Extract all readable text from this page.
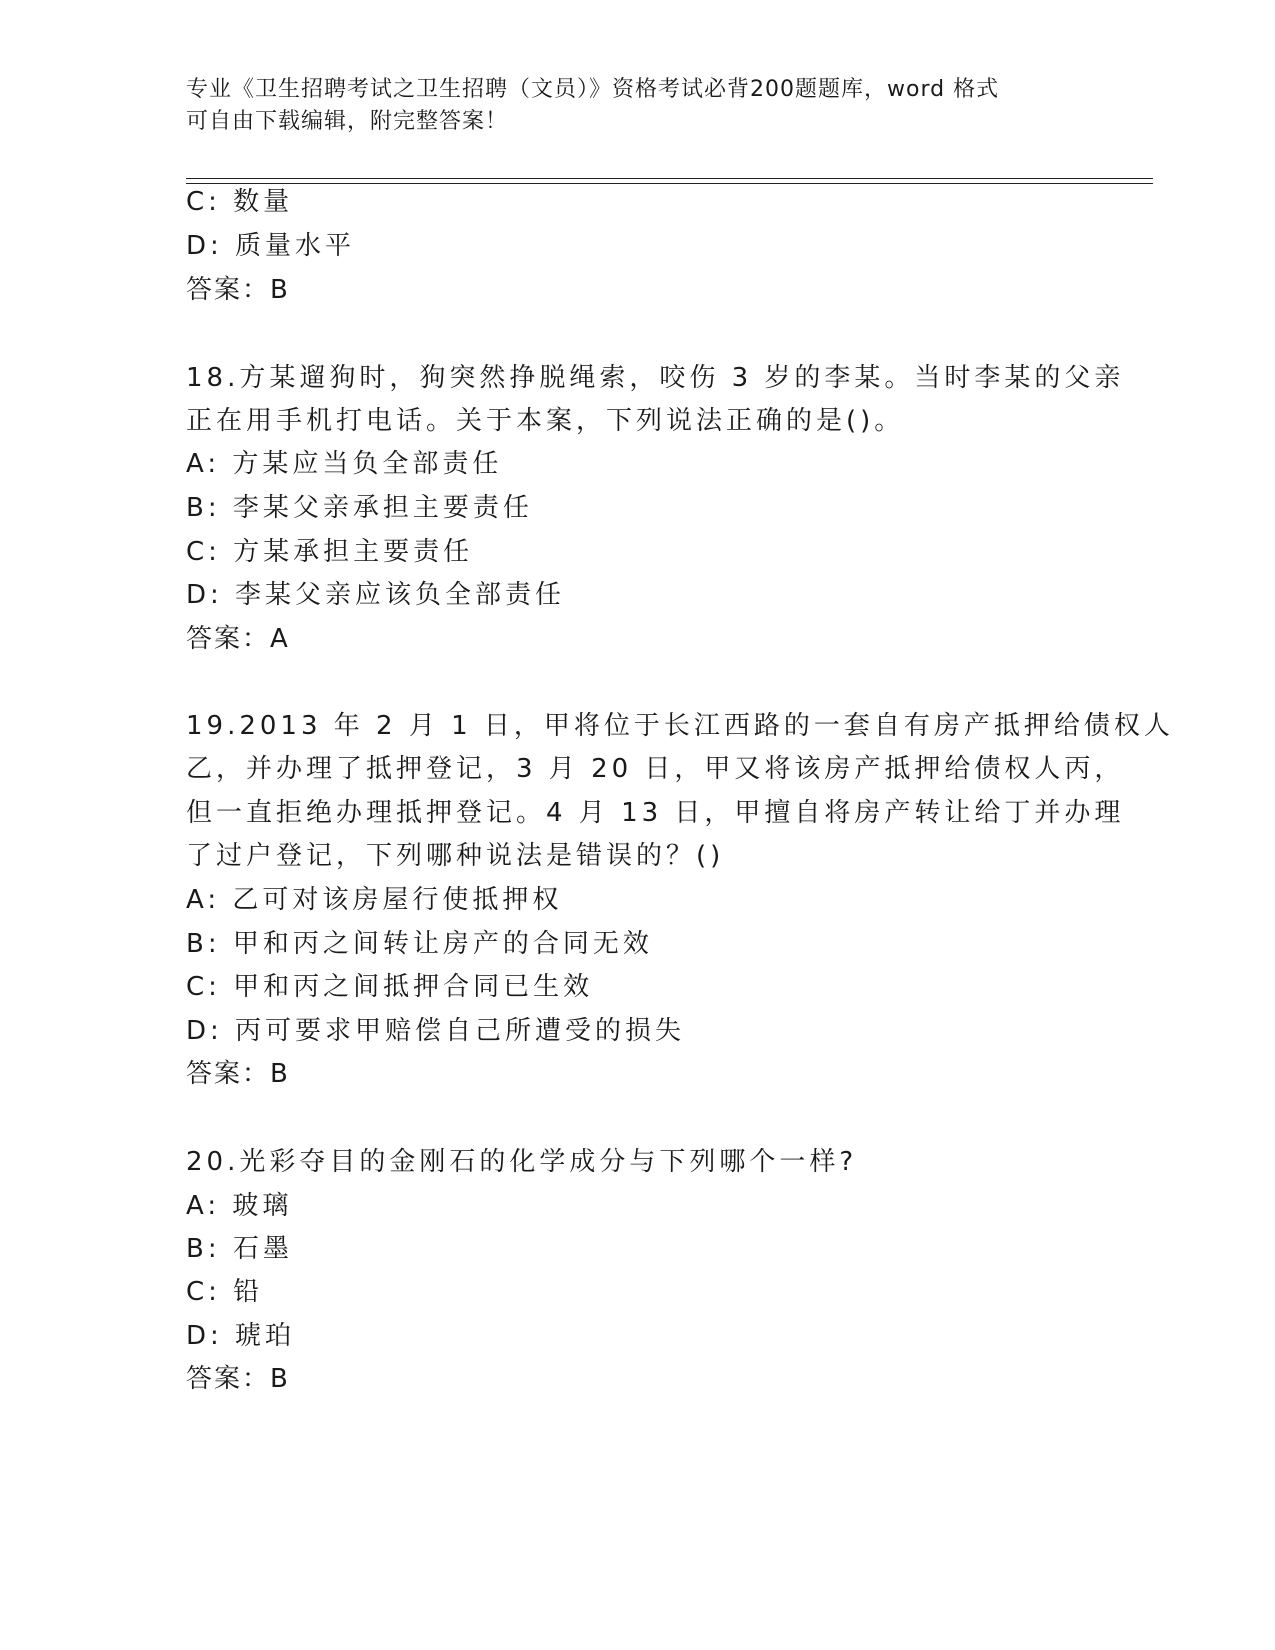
专业《卫生招聘考试之卫生招聘（文员）》资格考试必背200题题库，word 格式
可自由下载编辑，附完整答案！
C: 数量
D: 质量水平
答案：B
18.方某遛狗时，狗突然挣脱绳索，咬伤 3 岁的李某。当时李某的父亲
正在用手机打电话。关于本案，下列说法正确的是()。
A: 方某应当负全部责任
B: 李某父亲承担主要责任
C: 方某承担主要责任
D: 李某父亲应该负全部责任
答案：A
19.2013 年 2 月 1 日，甲将位于长江西路的一套自有房产抵押给债权人
乙，并办理了抵押登记，3 月 20 日，甲又将该房产抵押给债权人丙，
但一直拒绝办理抵押登记。4 月 13 日，甲擅自将房产转让给丁并办理
了过户登记，下列哪种说法是错误的？()
A: 乙可对该房屋行使抵押权
B: 甲和丙之间转让房产的合同无效
C: 甲和丙之间抵押合同已生效
D: 丙可要求甲赔偿自己所遭受的损失
答案：B
20.光彩夺目的金刚石的化学成分与下列哪个一样?
A: 玻璃
B: 石墨
C: 铅
D: 琥珀
答案：B
